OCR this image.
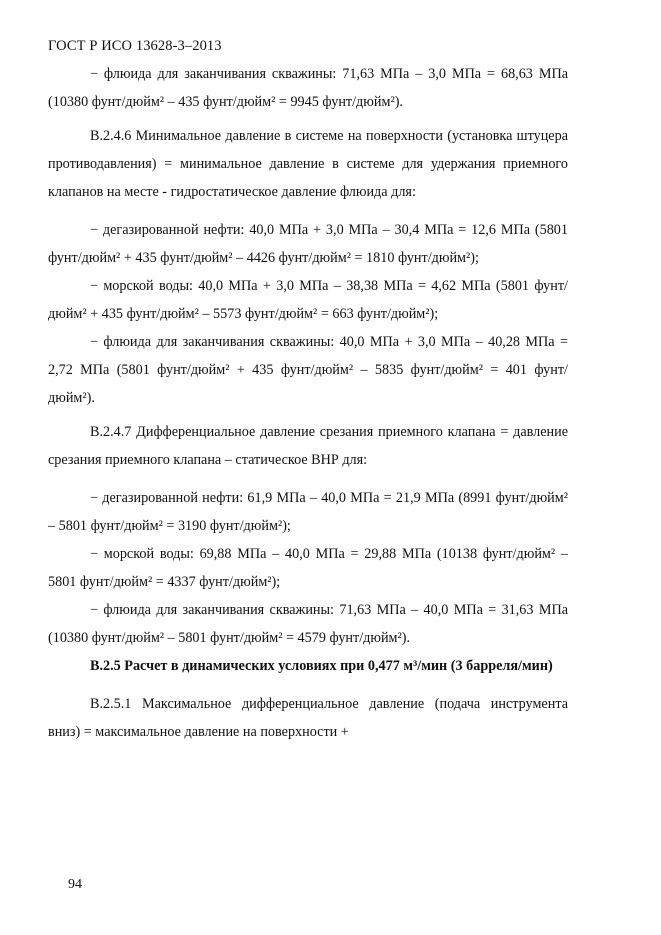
ГОСТ Р ИСО 13628-3–2013

− флюида для заканчивания скважины: 71,63 МПа – 3,0 МПа = 68,63 МПа (10380 фунт/дюйм² – 435 фунт/дюйм² = 9945 фунт/дюйм²).

В.2.4.6 Минимальное давление в системе на поверхности (установка штуцера противодавления) = минимальное давление в системе для удержания приемного клапанов на месте - гидростатическое давление флюида для:

− дегазированной нефти: 40,0 МПа + 3,0 МПа – 30,4 МПа = 12,6 МПа (5801 фунт/дюйм² + 435 фунт/дюйм² – 4426 фунт/дюйм² = 1810 фунт/дюйм²);

− морской воды: 40,0 МПа + 3,0 МПа – 38,38 МПа = 4,62 МПа (5801 фунт/дюйм² + 435 фунт/дюйм² – 5573 фунт/дюйм² = 663 фунт/дюйм²);

− флюида для заканчивания скважины: 40,0 МПа + 3,0 МПа – 40,28 МПа = 2,72 МПа (5801 фунт/дюйм² + 435 фунт/дюйм² – 5835 фунт/дюйм² = 401 фунт/дюйм²).

В.2.4.7 Дифференциальное давление срезания приемного клапана = давление срезания приемного клапана – статическое ВНР для:

− дегазированной нефти: 61,9 МПа – 40,0 МПа = 21,9 МПа (8991 фунт/дюйм² – 5801 фунт/дюйм² = 3190 фунт/дюйм²);

− морской воды: 69,88 МПа – 40,0 МПа = 29,88 МПа (10138 фунт/дюйм² – 5801 фунт/дюйм² = 4337 фунт/дюйм²);

− флюида для заканчивания скважины: 71,63 МПа – 40,0 МПа = 31,63 МПа (10380 фунт/дюйм² – 5801 фунт/дюйм² = 4579 фунт/дюйм²).

В.2.5 Расчет в динамических условиях при 0,477 м³/мин (3 барреля/мин)

В.2.5.1 Максимальное дифференциальное давление (подача инструмента вниз) = максимальное давление на поверхности +

94
